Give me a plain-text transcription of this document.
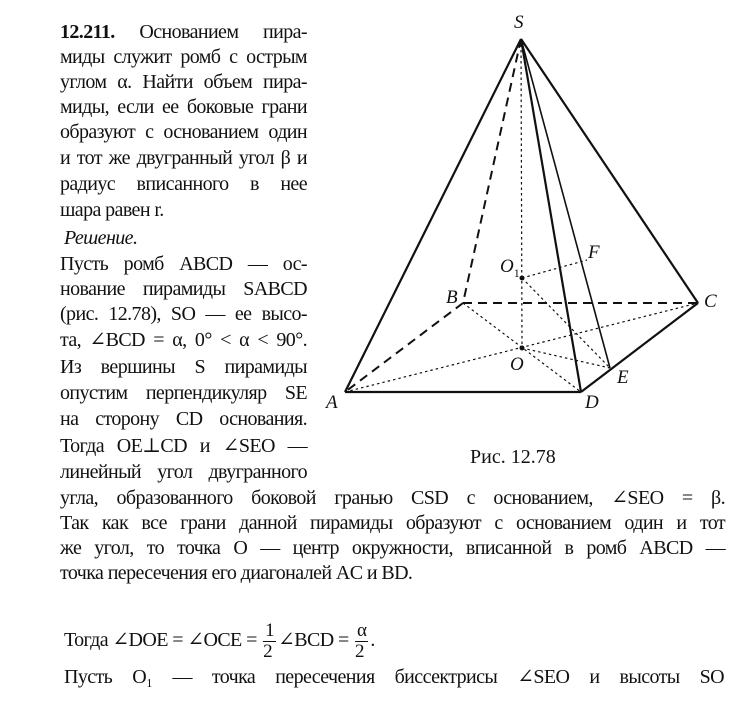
12.211. Основанием пира-
миды служит ромб с острым
углом α. Найти объем пира-
миды, если ее боковые грани
образуют с основанием один
и тот же двугранный угол β и
радиус вписанного в нее
шара равен r.
Решение.
Пусть ромб ABCD — ос-
нование пирамиды SABCD
(рис. 12.78), SO — ее высо-
та, ∠BCD = α, 0° < α < 90°.
Из вершины S пирамиды
опустим перпендикуляр SE
на сторону CD основания.
Тогда OE⊥CD и ∠SEO —
линейный угол двугранного
угла, образованного боковой гранью CSD с основанием, ∠SEO = β.
Так как все грани данной пирамиды образуют с основанием один и тот
же угол, то точка O — центр окружности, вписанной в ромб ABCD —
точка пересечения его диагоналей AC и BD.
Тогда ∠DOE = ∠OCE = $\frac{1}{2}$ ∠BCD = $\frac{\alpha}{2}$ .
Пусть O₁ — точка пересечения биссектрисы ∠SEO и высоты SO
S
A
B	C
D
E
O
$O_1$
F
Рис. 12.78
